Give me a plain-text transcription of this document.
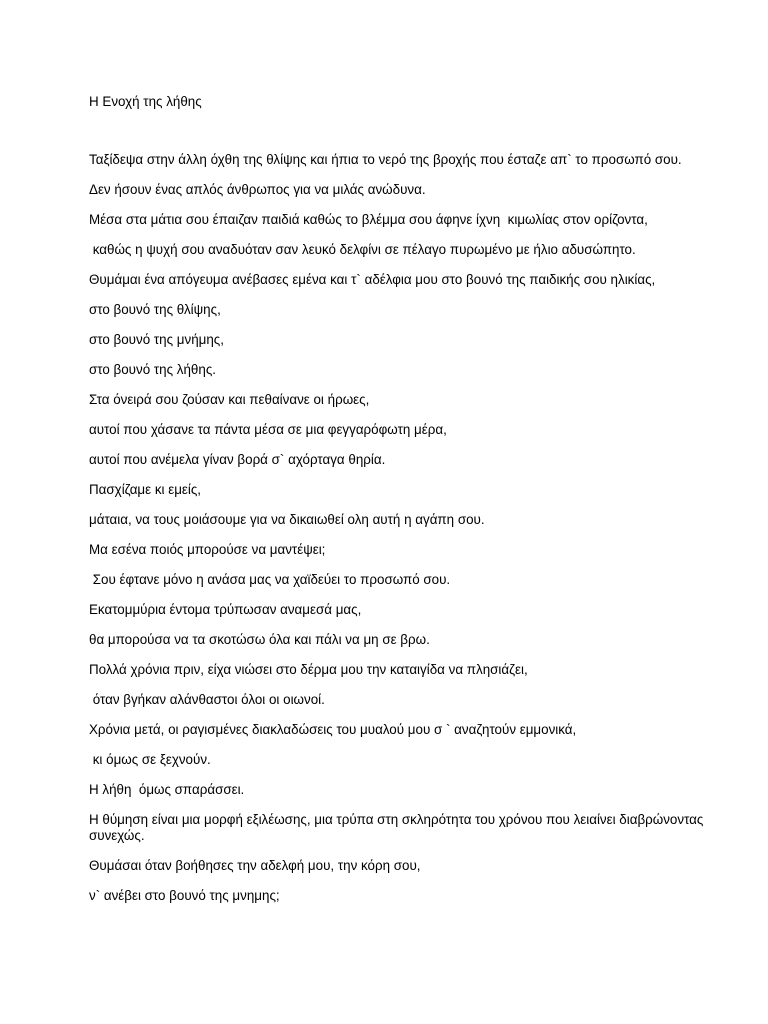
Η Ενοχή της λήθης
Ταξίδεψα στην άλλη όχθη της θλίψης και ήπια το νερό της βροχής που έσταζε απ` το προσωπό σου.
Δεν ήσουν ένας απλός άνθρωπος για να μιλάς ανώδυνα.
Μέσα στα μάτια σου έπαιζαν παιδιά καθώς το βλέμμα σου άφηνε ίχνη  κιμωλίας στον ορίζοντα,
καθώς η ψυχή σου αναδυόταν σαν λευκό δελφίνι σε πέλαγο πυρωμένο με ήλιο αδυσώπητο.
Θυμάμαι ένα απόγευμα ανέβασες εμένα και τ` αδέλφια μου στο βουνό της παιδικής σου ηλικίας,
στο βουνό της θλίψης,
στο βουνό της μνήμης,
στο βουνό της λήθης.
Στα όνειρά σου ζούσαν και πεθαίνανε οι ήρωες,
αυτοί που χάσανε τα πάντα μέσα σε μια φεγγαρόφωτη μέρα,
αυτοί που ανέμελα γίναν βορά σ` αχόρταγα θηρία.
Πασχίζαμε κι εμείς,
μάταια, να τους μοιάσουμε για να δικαιωθεί ολη αυτή η αγάπη σου.
Μα εσένα ποιός μπορούσε να μαντέψει;
Σου έφτανε μόνο η ανάσα μας να χαϊδεύει το προσωπό σου.
Εκατομμύρια έντομα τρύπωσαν αναμεσά μας,
θα μπορούσα να τα σκοτώσω όλα και πάλι να μη σε βρω.
Πολλά χρόνια πριν, είχα νιώσει στο δέρμα μου την καταιγίδα να πλησιάζει,
όταν βγήκαν αλάνθαστοι όλοι οι οιωνοί.
Χρόνια μετά, οι ραγισμένες διακλαδώσεις του μυαλού μου σ ` αναζητούν εμμονικά,
κι όμως σε ξεχνούν.
Η λήθη  όμως σπαράσσει.
Η θύμηση είναι μια μορφή εξιλέωσης, μια τρύπα στη σκληρότητα του χρόνου που λειαίνει διαβρώνοντας συνεχώς.
Θυμάσαι όταν βοήθησες την αδελφή μου, την κόρη σου,
ν` ανέβει στο βουνό της μνημης;
